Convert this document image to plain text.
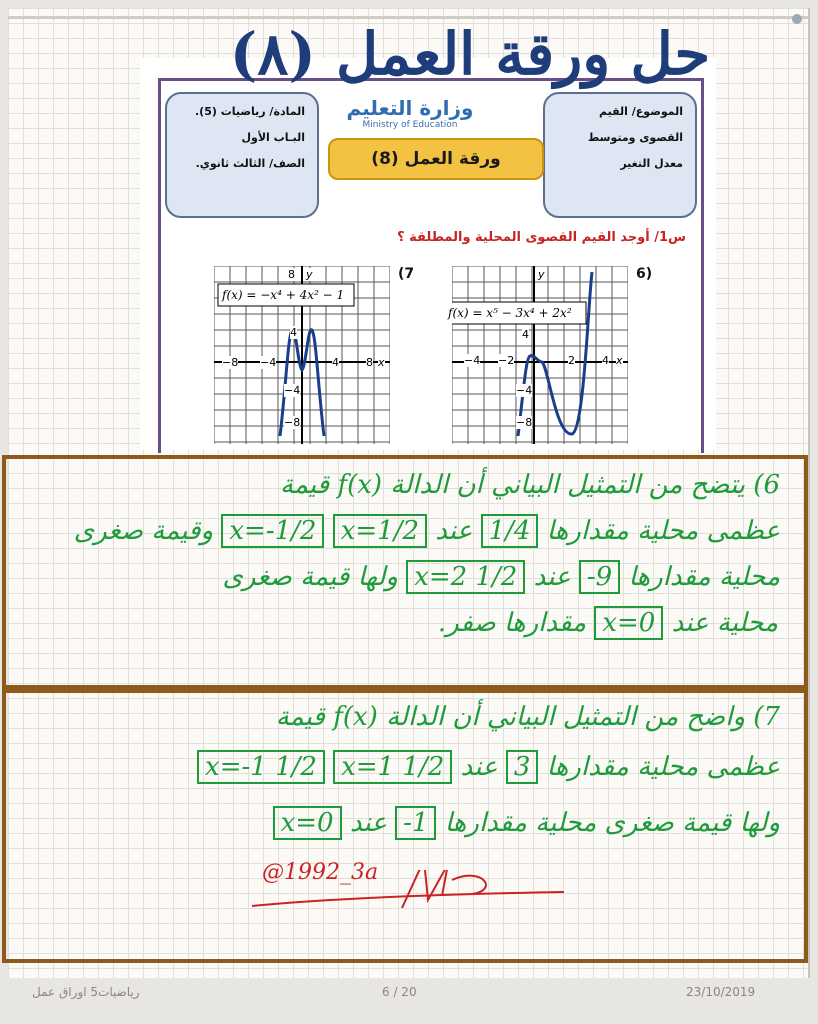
المادة/ رياضيات (5).
البـاب الأول
الصف/ الثالث ثانوي.
وزارة التعليم
Ministry of Education
الموضوع/ القيم
القصوى ومتوسط
معدل التغير
ورقة العمل (8)
حل ورقة العمل (٨)
س1/ أوجد القيم القصوى المحلية والمطلقة ؟
f(x) = −x⁴ + 4x² − 1
−8 −4	4 8 x
y
8
4
−4
−8
(7
f(x) = x⁵ − 3x⁴ + 2x²
−4 −2	2 4 x
y
4
−4
−8
6)
6) يتضح من التمثيل البياني أن الدالة f(x) قيمة
عظمى محلية مقدارها 1/4 عند x=1/2 x=-1/2 وقيمة صغرى
محلية مقدارها -9 عند x=2 1/2 ولها قيمة صغرى
محلية عند x=0 مقدارها صفر.
7) واضح من التمثيل البياني أن الدالة f(x) قيمة
عظمى محلية مقدارها 3 عند x=1 1/2 x=-1 1/2
ولها قيمة صغرى محلية مقدارها -1 عند x=0
@1992_3a
رياضيات5 اوراق عمل	6 / 20	23/10/2019
